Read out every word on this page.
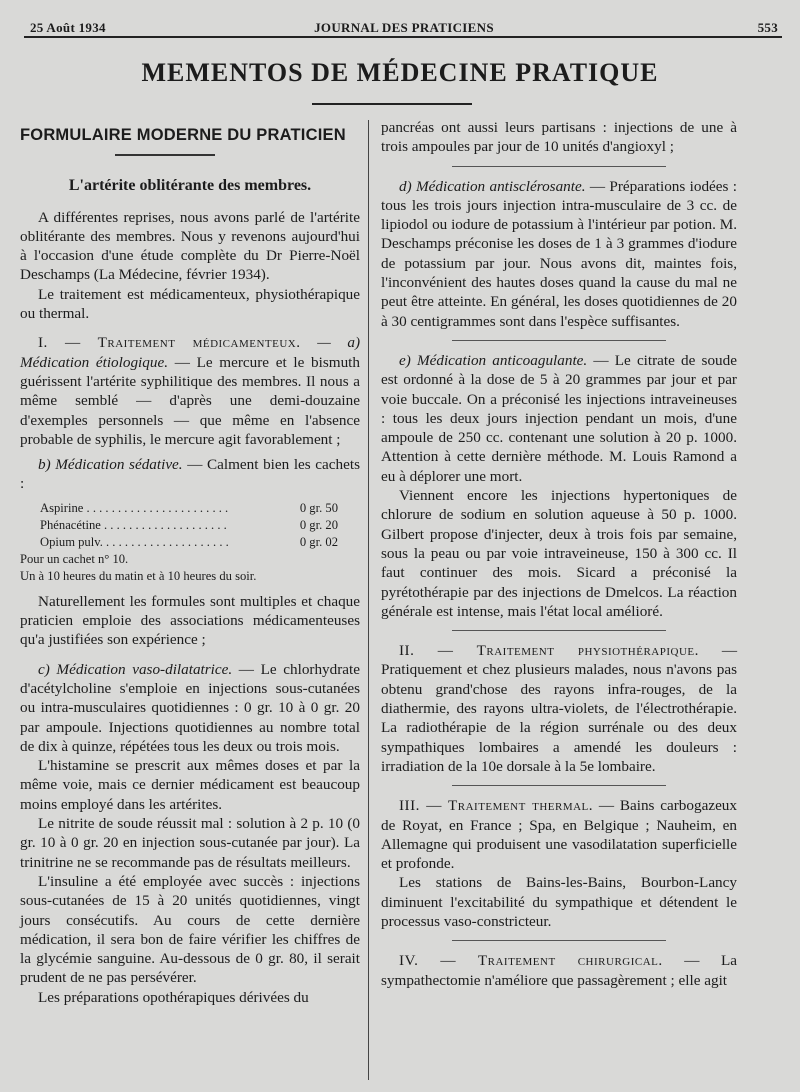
25 Août 1934	JOURNAL DES PRATICIENS	553
MEMENTOS DE MÉDECINE PRATIQUE
FORMULAIRE MODERNE DU PRATICIEN
L'artérite oblitérante des membres.

A différentes reprises, nous avons parlé de l'artérite oblitérante des membres. Nous y revenons aujourd'hui à l'occasion d'une étude complète du Dr Pierre-Noël Deschamps (La Médecine, février 1934).

Le traitement est médicamenteux, physiothérapique ou thermal.

I. — Traitement médicamenteux. — a) Médication étiologique. — Le mercure et le bismuth guérissent l'artérite syphilitique des membres. Il nous a même semblé — d'après une demi-douzaine d'exemples personnels — que même en l'absence probable de syphilis, le mercure agit favorablement ;

b) Médication sédative. — Calment bien les cachets :

Aspirine . . .	0 gr. 50
Phénacétine . . .	0 gr. 20
Opium pulv. . . .	0 gr. 02

Pour un cachet n° 10.

Un à 10 heures du matin et à 10 heures du soir.

Naturellement les formules sont multiples et chaque praticien emploie des associations médicamenteuses qu'a justifiées son expérience ;

c) Médication vaso-dilatatrice. — Le chlorhydrate d'acétylcholine s'emploie en injections sous-cutanées ou intra-musculaires quotidiennes : 0 gr. 10 à 0 gr. 20 par ampoule. Injections quotidiennes au nombre total de dix à quinze, répétées tous les deux ou trois mois.

L'histamine se prescrit aux mêmes doses et par la même voie, mais ce dernier médicament est beaucoup moins employé dans les artérites.

Le nitrite de soude réussit mal : solution à 2 p. 10 (0 gr. 10 à 0 gr. 20 en injection sous-cutanée par jour). La trinitrine ne se recommande pas de résultats meilleurs.

L'insuline a été employée avec succès : injections sous-cutanées de 15 à 20 unités quotidiennes, vingt jours consécutifs. Au cours de cette dernière médication, il sera bon de faire vérifier les chiffres de la glycémie sanguine. Au-dessous de 0 gr. 80, il serait prudent de ne pas persévérer.

Les préparations opothérapiques dérivées du

pancréas ont aussi leurs partisans : injections de une à trois ampoules par jour de 10 unités d'angioxyl ;

d) Médication antisclérosante. — Préparations iodées : tous les trois jours injection intra-musculaire de 3 cc. de lipiodol ou iodure de potassium à l'intérieur par potion. M. Deschamps préconise les doses de 1 à 3 grammes d'iodure de potassium par jour. Nous avons dit, maintes fois, l'inconvénient des hautes doses quand la cause du mal ne peut être atteinte. En général, les doses quotidiennes de 20 à 30 centigrammes sont dans l'espèce suffisantes.

e) Médication anticoagulante. — Le citrate de soude est ordonné à la dose de 5 à 20 grammes par jour et par voie buccale. On a préconisé les injections intraveineuses : tous les deux jours injection pendant un mois, d'une ampoule de 250 cc. contenant une solution à 20 p. 1000. Attention à cette dernière méthode. M. Louis Ramond a eu à déplorer une mort.

Viennent encore les injections hypertoniques de chlorure de sodium en solution aqueuse à 50 p. 1000. Gilbert propose d'injecter, deux à trois fois par semaine, sous la peau ou par voie intraveineuse, 150 à 300 cc. Il faut continuer des mois. Sicard a préconisé la pyrétothérapie par des injections de Dmelcos. La réaction générale est intense, mais l'état local amélioré.

II. — Traitement physiothérapique. — Pratiquement et chez plusieurs malades, nous n'avons pas obtenu grand'chose des rayons infra-rouges, de la diathermie, des rayons ultra-violets, de l'électrothérapie. La radiothérapie de la région surrénale ou des deux sympathiques lombaires a amendé les douleurs : irradiation de la 10e dorsale à la 5e lombaire.

III. — Traitement thermal. — Bains carbogazeux de Royat, en France ; Spa, en Belgique ; Nauheim, en Allemagne qui produisent une vasodilatation superficielle et profonde.

Les stations de Bains-les-Bains, Bourbon-Lancy diminuent l'excitabilité du sympathique et détendent le processus vaso-constricteur.

IV. — Traitement chirurgical. — La sympathectomie n'améliore que passagèrement ; elle agit
